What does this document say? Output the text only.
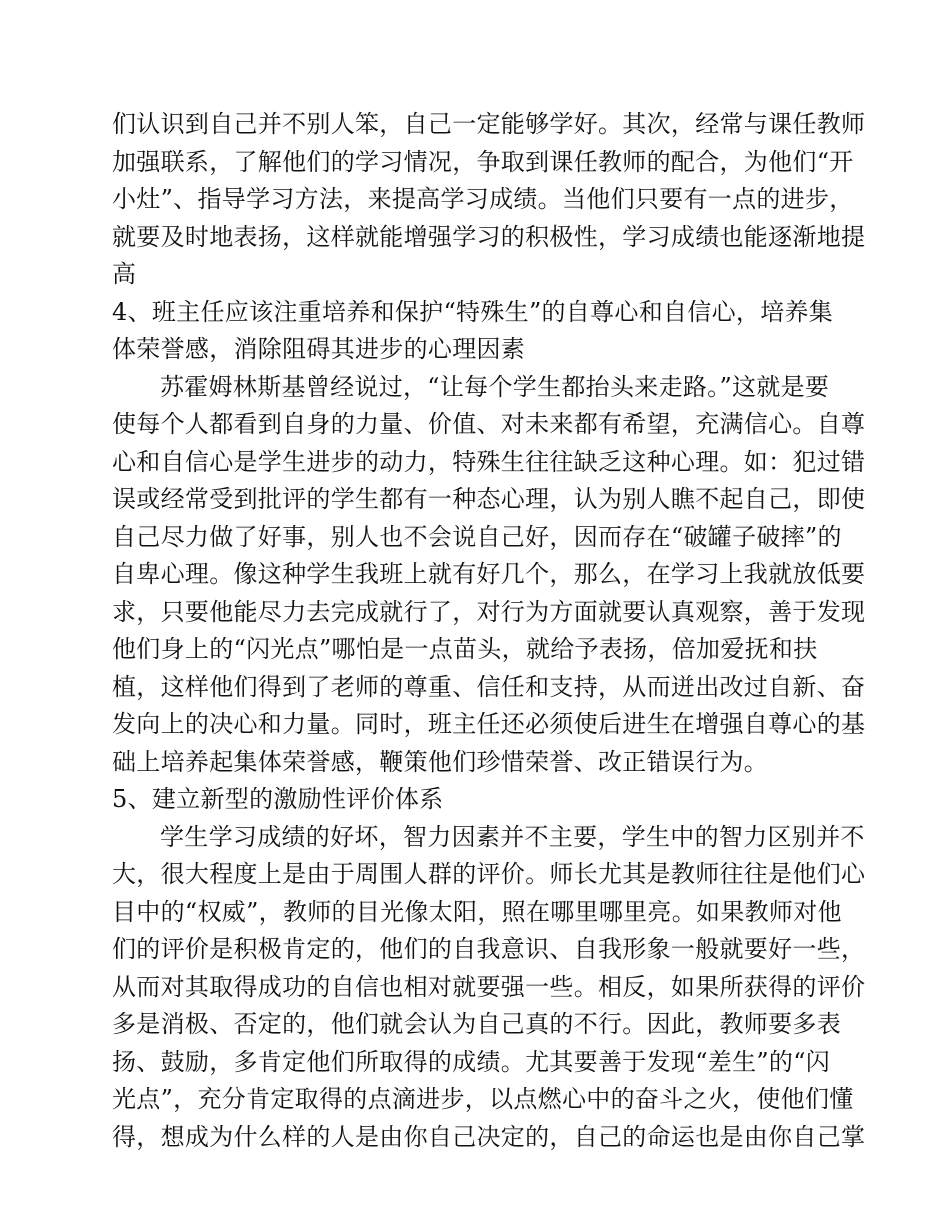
们认识到自己并不别人笨，自己一定能够学好。其次，经常与课任教师
加强联系，了解他们的学习情况，争取到课任教师的配合，为他们“开
小灶”、指导学习方法，来提高学习成绩。当他们只要有一点的进步，
就要及时地表扬，这样就能增强学习的积极性，学习成绩也能逐渐地提
高
4、班主任应该注重培养和保护“特殊生”的自尊心和自信心，培养集
体荣誉感，消除阻碍其进步的心理因素
苏霍姆林斯基曾经说过，“让每个学生都抬头来走路。”这就是要
使每个人都看到自身的力量、价值、对未来都有希望，充满信心。自尊
心和自信心是学生进步的动力，特殊生往往缺乏这种心理。如：犯过错
误或经常受到批评的学生都有一种态心理，认为别人瞧不起自己，即使
自己尽力做了好事，别人也不会说自己好，因而存在“破罐子破摔”的
自卑心理。像这种学生我班上就有好几个，那么，在学习上我就放低要
求，只要他能尽力去完成就行了，对行为方面就要认真观察，善于发现
他们身上的“闪光点”哪怕是一点苗头，就给予表扬，倍加爱抚和扶
植，这样他们得到了老师的尊重、信任和支持，从而迸出改过自新、奋
发向上的决心和力量。同时，班主任还必须使后进生在增强自尊心的基
础上培养起集体荣誉感，鞭策他们珍惜荣誉、改正错误行为。
5、建立新型的激励性评价体系
学生学习成绩的好坏，智力因素并不主要，学生中的智力区别并不
大，很大程度上是由于周围人群的评价。师长尤其是教师往往是他们心
目中的“权威”，教师的目光像太阳，照在哪里哪里亮。如果教师对他
们的评价是积极肯定的，他们的自我意识、自我形象一般就要好一些，
从而对其取得成功的自信也相对就要强一些。相反，如果所获得的评价
多是消极、否定的，他们就会认为自己真的不行。因此，教师要多表
扬、鼓励，多肯定他们所取得的成绩。尤其要善于发现“差生”的“闪
光点”，充分肯定取得的点滴进步，以点燃心中的奋斗之火，使他们懂
得，想成为什么样的人是由你自己决定的，自己的命运也是由你自己掌
